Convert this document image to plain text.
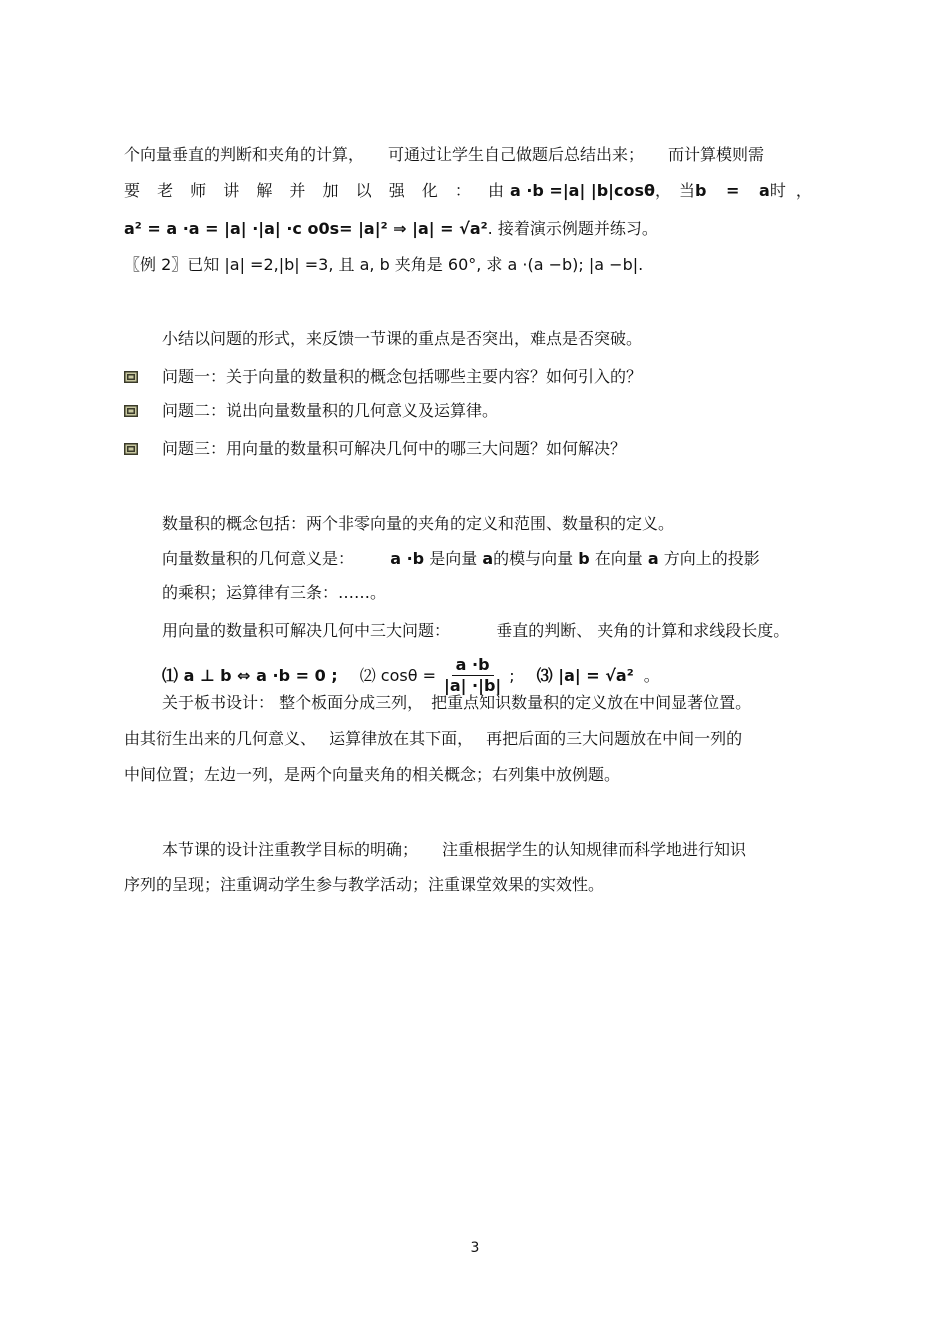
个向量垂直的判断和夹角的计算，　　可通过让学生自己做题后总结出来；　　而计算模则需
要 老 师 讲 解 并 加 以 强 化 ： 由 a ·b =|a| |b|cosθ ，　当 b = a 时，
a² = a ·a = |a| ·|a| ·c o0s= |a|² ⇒ |a| = √a². 接着演示例题并练习。
〖例 2〗已知 |a| =2,|b| =3, 且 a, b 夹角是 60°, 求 a ·(a −b); |a −b|.
小结以问题的形式，来反馈一节课的重点是否突出，难点是否突破。
问题一：关于向量的数量积的概念包括哪些主要内容？如何引入的？
问题二：说出向量数量积的几何意义及运算律。
问题三：用向量的数量积可解决几何中的哪三大问题？如何解决？
数量积的概念包括：两个非零向量的夹角的定义和范围、数量积的定义。
向量数量积的几何意义是： a ·b 是向量 a的模与向量 b 在向量 a 方向上的投影
的乘积；运算律有三条：……。
用向量的数量积可解决几何中三大问题：	垂直的判断、 夹角的计算和求线段长度。
⑴ a ⊥ b ⇔ a ·b = 0 ; ⑵ $\cos\theta = \frac{a \cdot b}{|a| \cdot|b|}$ ; ⑶ |a| = √a² 。
关于板书设计： 整个板面分成三列，　把重点知识数量积的定义放在中间显著位置。
由其衍生出来的几何意义、　 运算律放在其下面，　 再把后面的三大问题放在中间一列的
中间位置；左边一列，是两个向量夹角的相关概念；右列集中放例题。
本节课的设计注重教学目标的明确；　　注重根据学生的认知规律而科学地进行知识
序列的呈现；注重调动学生参与教学活动；注重课堂效果的实效性。
3
